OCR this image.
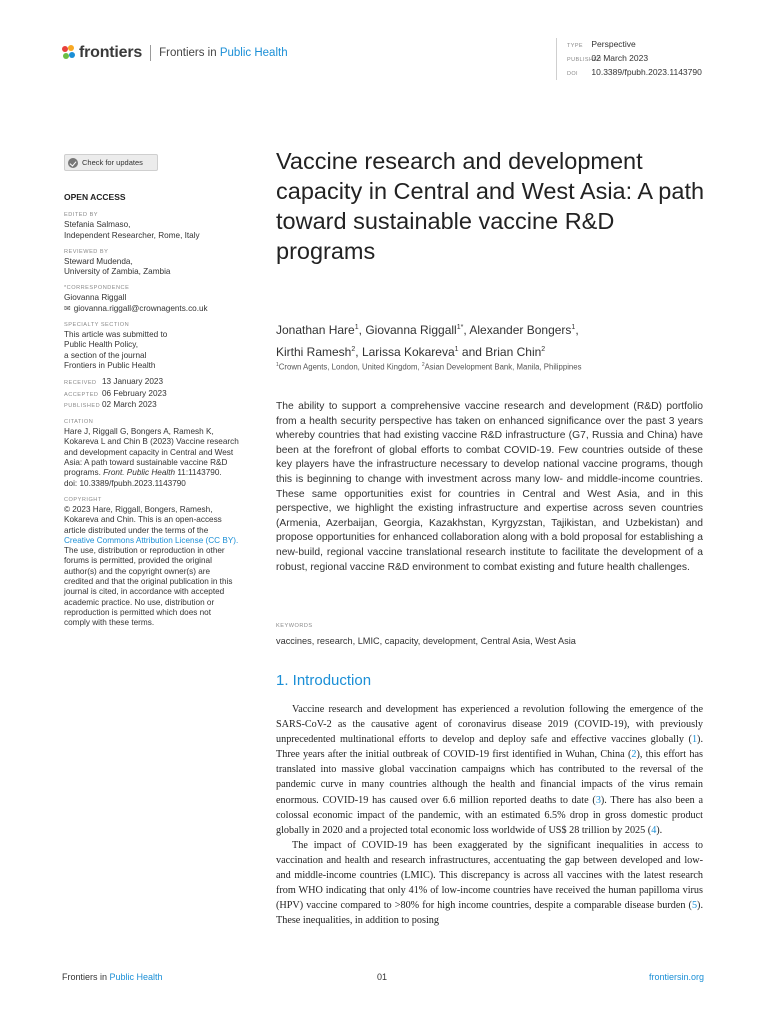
frontiers Frontiers in Public Health
TYPE Perspective
PUBLISHED 02 March 2023
DOI 10.3389/fpubh.2023.1143790
Check for updates
OPEN ACCESS
EDITED BY
Stefania Salmaso,
Independent Researcher, Rome, Italy
REVIEWED BY
Steward Mudenda,
University of Zambia, Zambia
*CORRESPONDENCE
Giovanna Riggall
✉ giovanna.riggall@crownagents.co.uk
SPECIALTY SECTION
This article was submitted to
Public Health Policy,
a section of the journal
Frontiers in Public Health
RECEIVED 13 January 2023
ACCEPTED 06 February 2023
PUBLISHED 02 March 2023
CITATION
Hare J, Riggall G, Bongers A, Ramesh K,
Kokareva L and Chin B (2023) Vaccine research
and development capacity in Central and West
Asia: A path toward sustainable vaccine R&D
programs. Front. Public Health 11:1143790.
doi: 10.3389/fpubh.2023.1143790
COPYRIGHT
© 2023 Hare, Riggall, Bongers, Ramesh,
Kokareva and Chin. This is an open-access
article distributed under the terms of the
Creative Commons Attribution License (CC BY).
The use, distribution or reproduction in other
forums is permitted, provided the original
author(s) and the copyright owner(s) are
credited and that the original publication in this
journal is cited, in accordance with accepted
academic practice. No use, distribution or
reproduction is permitted which does not
comply with these terms.
Vaccine research and development capacity in Central and West Asia: A path toward sustainable vaccine R&D programs
Jonathan Hare$^1$, Giovanna Riggall$^{1*}$, Alexander Bongers$^1$,
Kirthi Ramesh$^2$, Larissa Kokareva$^1$ and Brian Chin$^2$
$^1$Crown Agents, London, United Kingdom, $^2$Asian Development Bank, Manila, Philippines

The ability to support a comprehensive vaccine research and development (R&D) portfolio from a health security perspective has taken on enhanced significance over the past 3 years whereby countries that had existing vaccine R&D infrastructure (G7, Russia and China) have been at the forefront of global efforts to combat COVID-19. Few countries outside of these key players have the infrastructure necessary to develop national vaccine programs, though this is beginning to change with investment across many low- and middle-income countries. These same opportunities exist for countries in Central and West Asia, and in this perspective, we highlight the existing infrastructure and expertise across seven countries (Armenia, Azerbaijan, Georgia, Kazakhstan, Kyrgyzstan, Tajikistan, and Uzbekistan) and propose opportunities for enhanced collaboration along with a bold proposal for establishing a new-build, regional vaccine translational research institute to facilitate the development of a robust, regional vaccine R&D environment to combat existing and future health challenges.

KEYWORDS
vaccines, research, LMIC, capacity, development, Central Asia, West Asia
1. Introduction

Vaccine research and development has experienced a revolution following the emergence of the SARS-CoV-2 as the causative agent of coronavirus disease 2019 (COVID-19), with previously unprecedented multinational efforts to develop and deploy safe and effective vaccines globally (1). Three years after the initial outbreak of COVID-19 first identified in Wuhan, China (2), this effort has translated into massive global vaccination campaigns which has contributed to the reversal of the pandemic curve in many countries although the health and financial impacts of the virus remain enormous. COVID-19 has caused over 6.6 million reported deaths to date (3). There has also been a colossal economic impact of the pandemic, with an estimated 6.5% drop in gross domestic product globally in 2020 and a projected total economic loss worldwide of US$ 28 trillion by 2025 (4).

The impact of COVID-19 has been exaggerated by the significant inequalities in access to vaccination and health and research infrastructures, accentuating the gap between developed and low- and middle-income countries (LMIC). This discrepancy is across all vaccines with the latest research from WHO indicating that only 41% of low-income countries have received the human papilloma virus (HPV) vaccine compared to >80% for high income countries, despite a comparable disease burden (5). These inequalities, in addition to posing

Frontiers in Public Health	01	frontiersin.org
